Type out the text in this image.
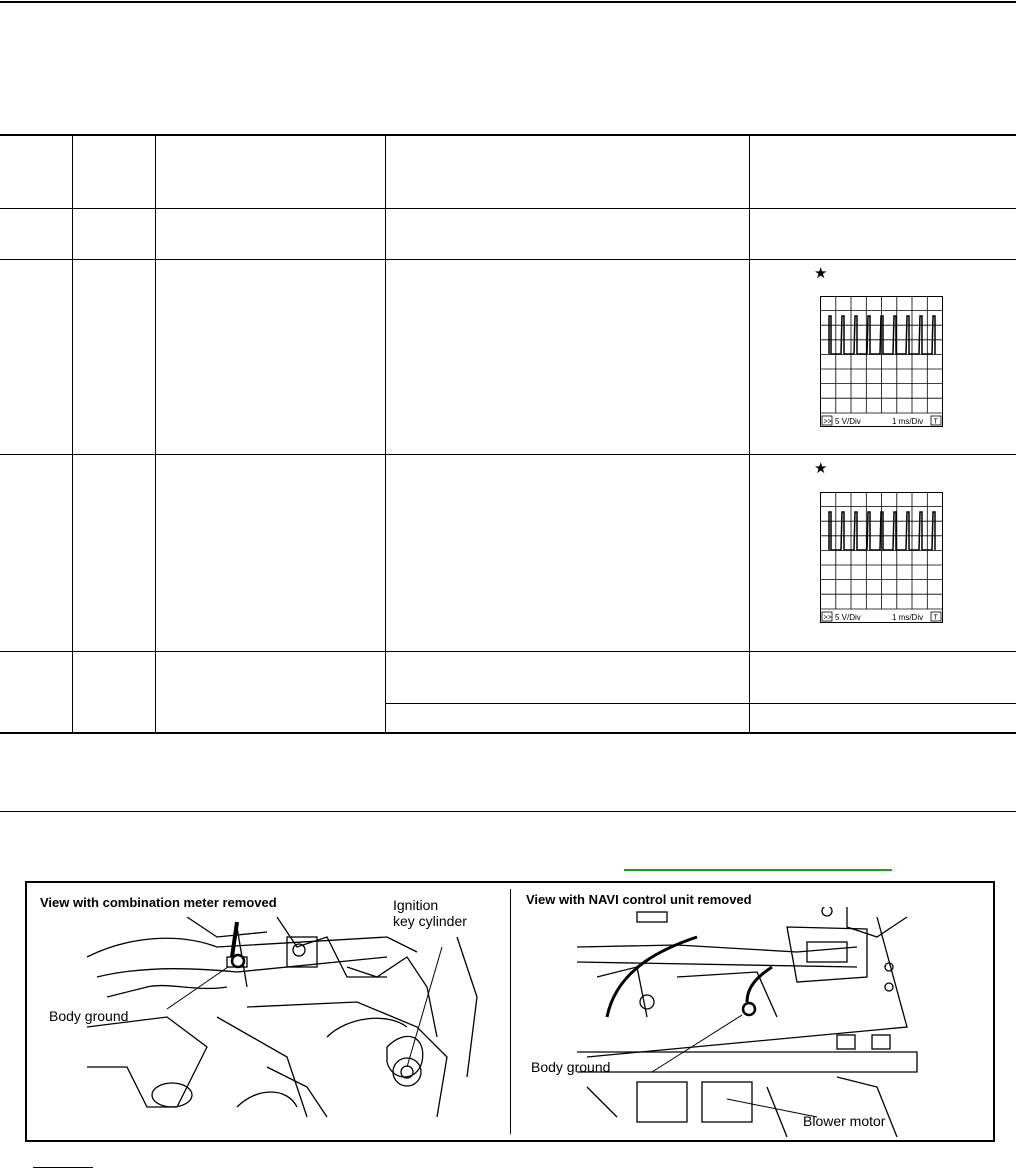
★
>> 5 V/Div	1 ms/Div T
★
>> 5 V/Div	1 ms/Div T
View with combination meter removed	Ignition
key cylinder
Body ground
View with NAVI control unit removed
Body ground
Blower motor
